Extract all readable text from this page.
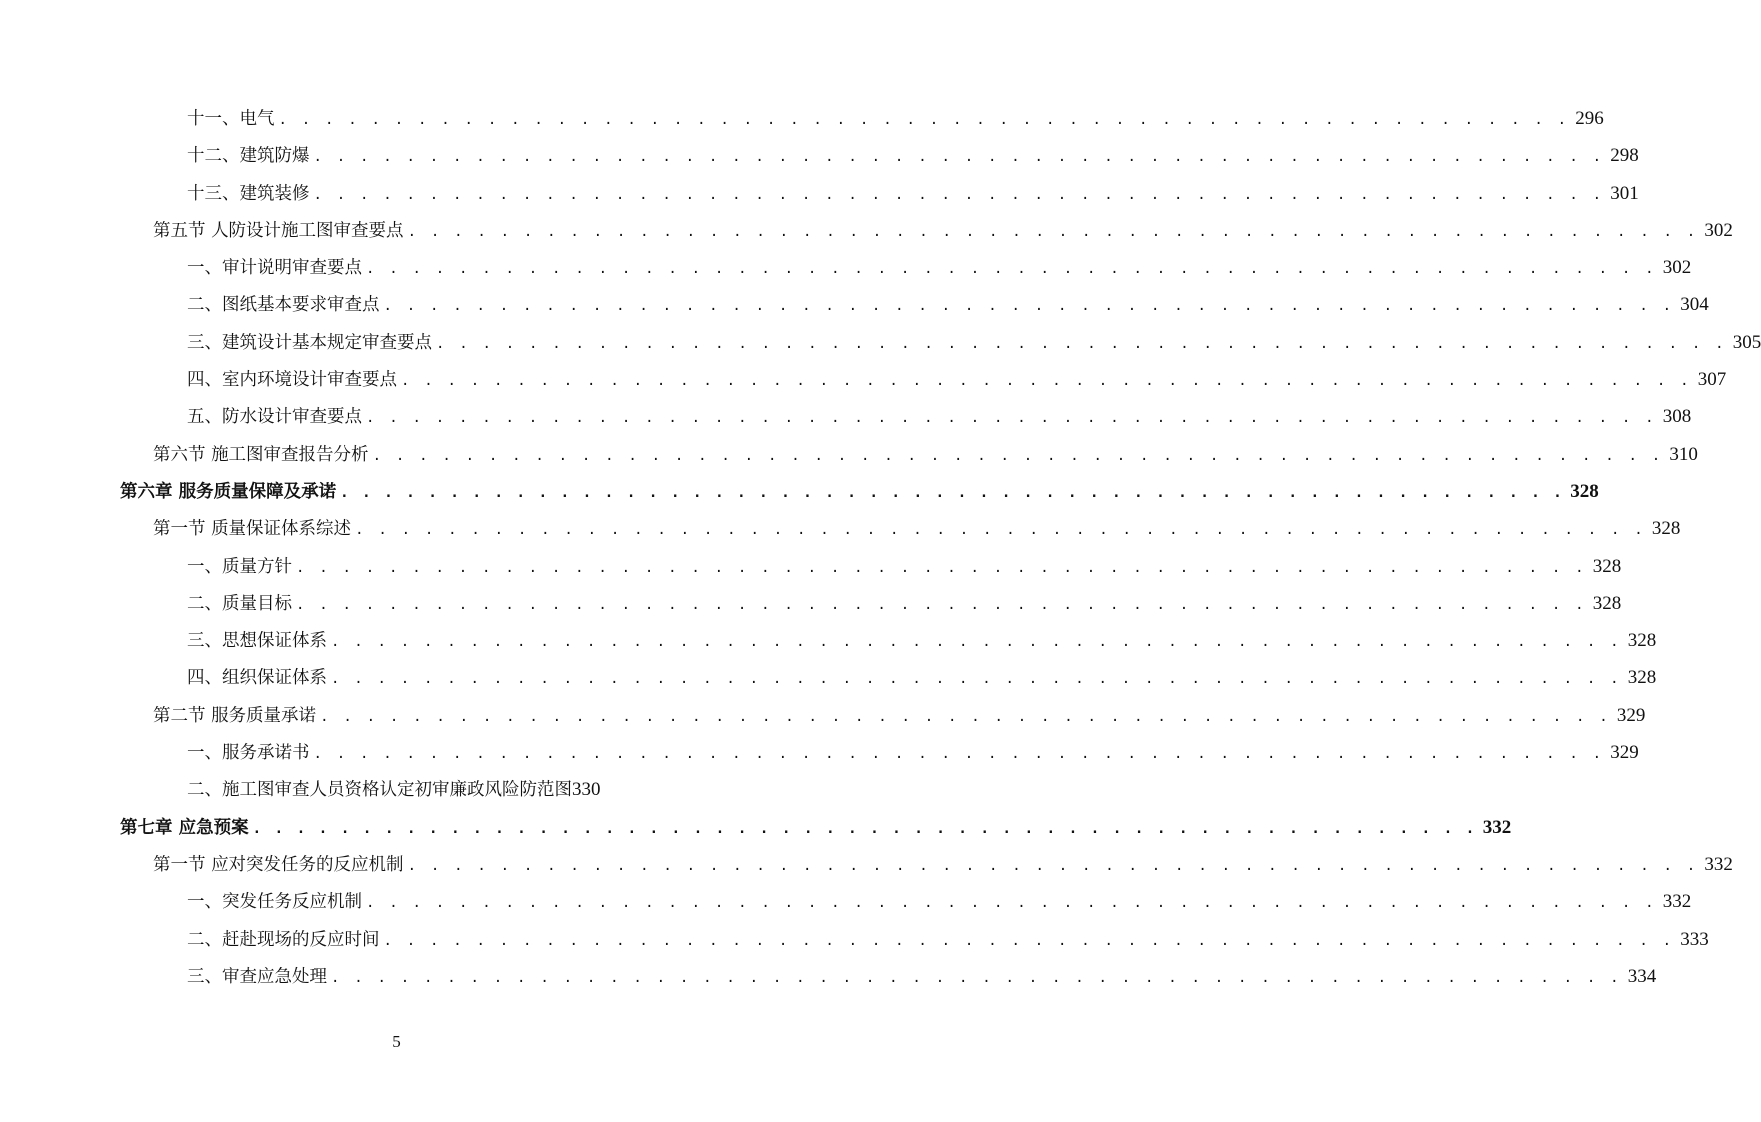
十一、电气 . . . . . . . . . . . . . . . . . . . . . . . . . . . . . . . . . . . . . . . . . . . . . . . . . . . . . . . . 296
十二、建筑防爆 . . . . . . . . . . . . . . . . . . . . . . . . . . . . . . . . . . . . . . . . . . . . . . . . . . . . . . . . 298
十三、建筑装修 . . . . . . . . . . . . . . . . . . . . . . . . . . . . . . . . . . . . . . . . . . . . . . . . . . . . . . . . 301
第五节 人防设计施工图审查要点 . . . . . . . . . . . . . . . . . . . . . . . . . . . . . . . . . . . . . . . . . . . . . . . . . . . . . . . . 302
一、审计说明审查要点 . . . . . . . . . . . . . . . . . . . . . . . . . . . . . . . . . . . . . . . . . . . . . . . . . . . . . . . . 302
二、图纸基本要求审查点 . . . . . . . . . . . . . . . . . . . . . . . . . . . . . . . . . . . . . . . . . . . . . . . . . . . . . . . . 304
三、建筑设计基本规定审查要点 . . . . . . . . . . . . . . . . . . . . . . . . . . . . . . . . . . . . . . . . . . . . . . . . . . . . . . . . 305
四、室内环境设计审查要点 . . . . . . . . . . . . . . . . . . . . . . . . . . . . . . . . . . . . . . . . . . . . . . . . . . . . . . . . 307
五、防水设计审查要点 . . . . . . . . . . . . . . . . . . . . . . . . . . . . . . . . . . . . . . . . . . . . . . . . . . . . . . . . 308
第六节 施工图审查报告分析 . . . . . . . . . . . . . . . . . . . . . . . . . . . . . . . . . . . . . . . . . . . . . . . . . . . . . . . . 310
第六章 服务质量保障及承诺 . . . . . . . . . . . . . . . . . . . . . . . . . . . . . . . . . . . . . . . . . . . . . . . . . . . . . . . . 328
第一节 质量保证体系综述 . . . . . . . . . . . . . . . . . . . . . . . . . . . . . . . . . . . . . . . . . . . . . . . . . . . . . . . . 328
一、质量方针 . . . . . . . . . . . . . . . . . . . . . . . . . . . . . . . . . . . . . . . . . . . . . . . . . . . . . . . . 328
二、质量目标 . . . . . . . . . . . . . . . . . . . . . . . . . . . . . . . . . . . . . . . . . . . . . . . . . . . . . . . . 328
三、思想保证体系 . . . . . . . . . . . . . . . . . . . . . . . . . . . . . . . . . . . . . . . . . . . . . . . . . . . . . . . . 328
四、组织保证体系 . . . . . . . . . . . . . . . . . . . . . . . . . . . . . . . . . . . . . . . . . . . . . . . . . . . . . . . . 328
第二节 服务质量承诺 . . . . . . . . . . . . . . . . . . . . . . . . . . . . . . . . . . . . . . . . . . . . . . . . . . . . . . . . 329
一、服务承诺书 . . . . . . . . . . . . . . . . . . . . . . . . . . . . . . . . . . . . . . . . . . . . . . . . . . . . . . . . 329
二、施工图审查人员资格认定初审廉政风险防范图 330
第七章 应急预案 . . . . . . . . . . . . . . . . . . . . . . . . . . . . . . . . . . . . . . . . . . . . . . . . . . . . . . . . 332
第一节 应对突发任务的反应机制 . . . . . . . . . . . . . . . . . . . . . . . . . . . . . . . . . . . . . . . . . . . . . . . . . . . . . . . . 332
一、突发任务反应机制 . . . . . . . . . . . . . . . . . . . . . . . . . . . . . . . . . . . . . . . . . . . . . . . . . . . . . . . . 332
二、赶赴现场的反应时间 . . . . . . . . . . . . . . . . . . . . . . . . . . . . . . . . . . . . . . . . . . . . . . . . . . . . . . . . 333
三、审查应急处理 . . . . . . . . . . . . . . . . . . . . . . . . . . . . . . . . . . . . . . . . . . . . . . . . . . . . . . . . 334
5
